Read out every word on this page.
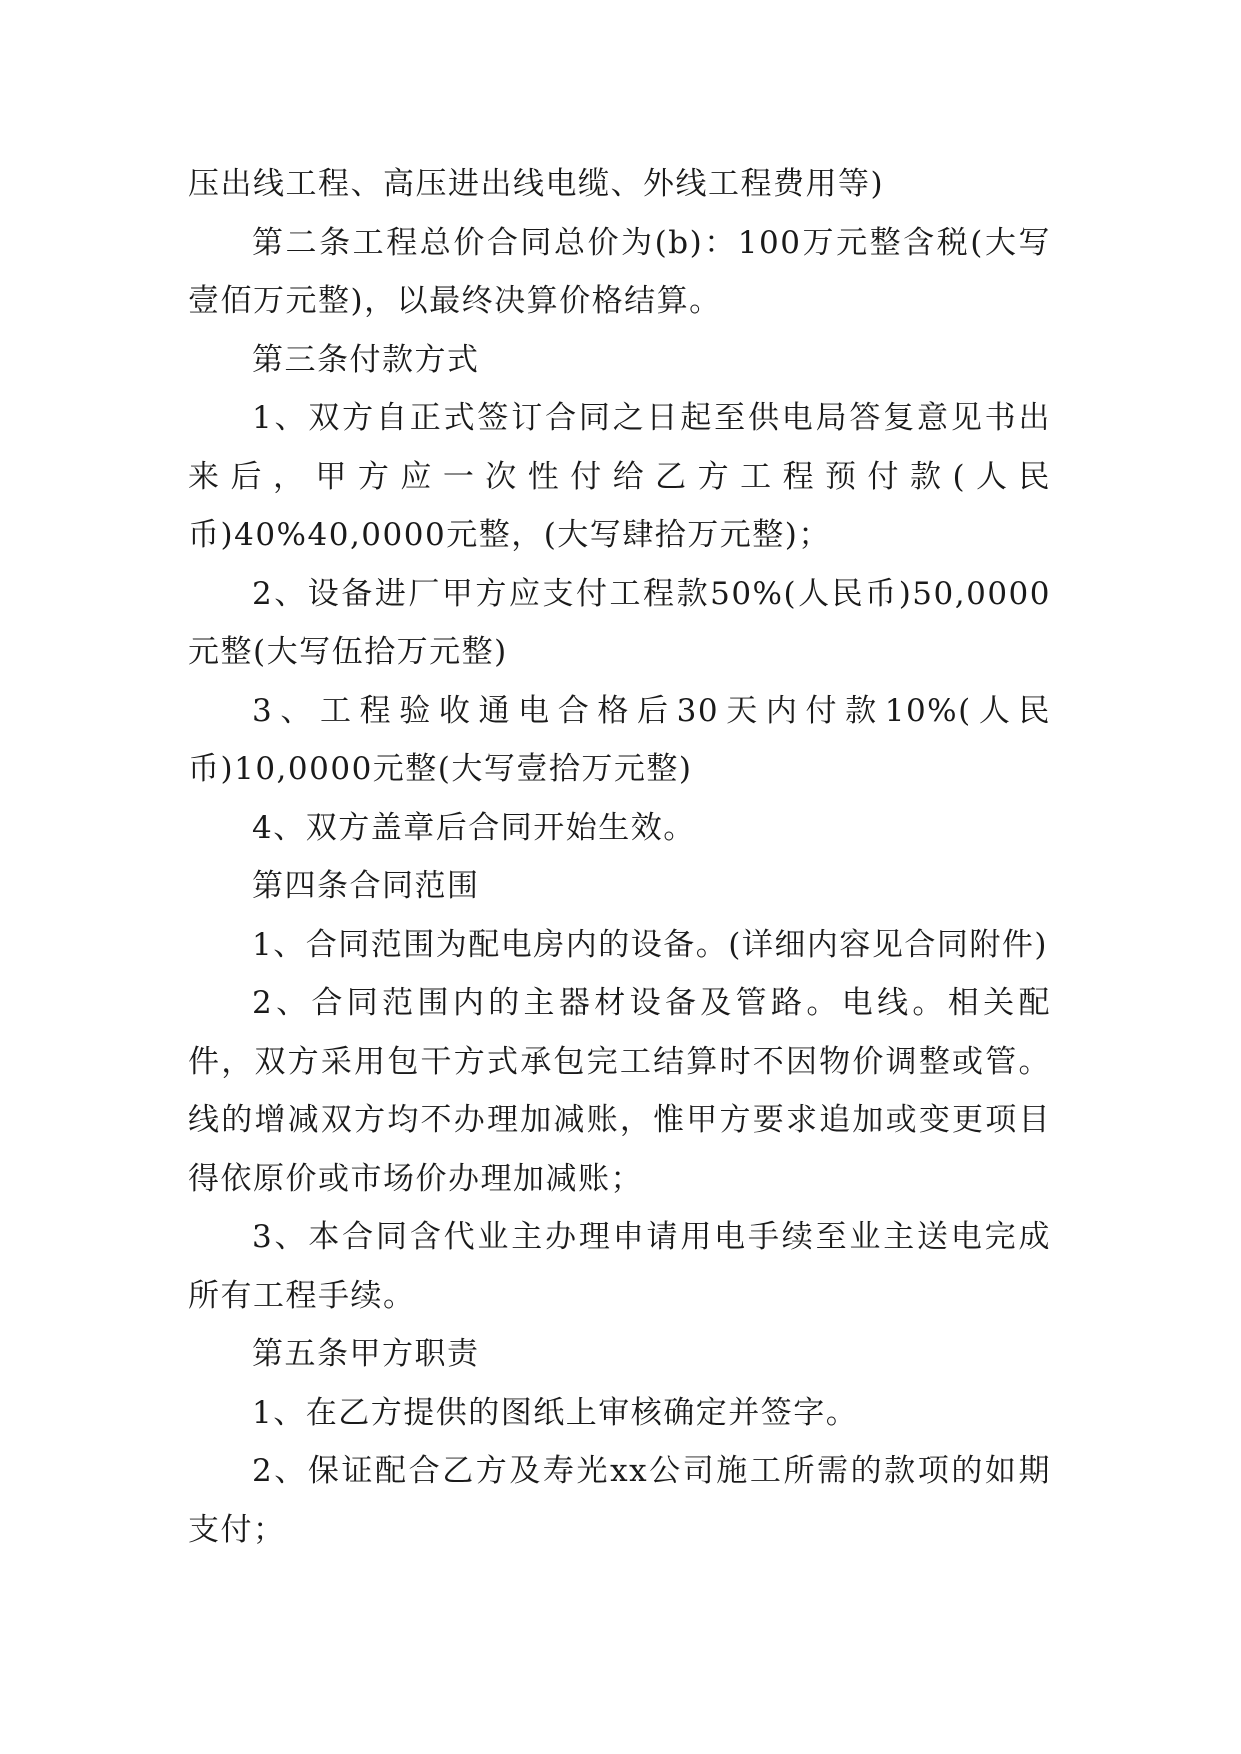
压出线工程、高压进出线电缆、外线工程费用等)

第二条工程总价合同总价为(b)：100万元整含税(大写壹佰万元整)，以最终决算价格结算。

第三条付款方式

1、双方自正式签订合同之日起至供电局答复意见书出来后，甲方应一次性付给乙方工程预付款(人民币)40%40,0000元整，(大写肆拾万元整)；

2、设备进厂甲方应支付工程款50%(人民币)50,0000元整(大写伍拾万元整)

3、工程验收通电合格后30天内付款10%(人民币)10,0000元整(大写壹拾万元整)

4、双方盖章后合同开始生效。

第四条合同范围

1、合同范围为配电房内的设备。(详细内容见合同附件)

2、合同范围内的主器材设备及管路。电线。相关配件，双方采用包干方式承包完工结算时不因物价调整或管。线的增减双方均不办理加减账，惟甲方要求追加或变更项目得依原价或市场价办理加减账；

3、本合同含代业主办理申请用电手续至业主送电完成所有工程手续。

第五条甲方职责

1、在乙方提供的图纸上审核确定并签字。

2、保证配合乙方及寿光xx公司施工所需的款项的如期支付；
